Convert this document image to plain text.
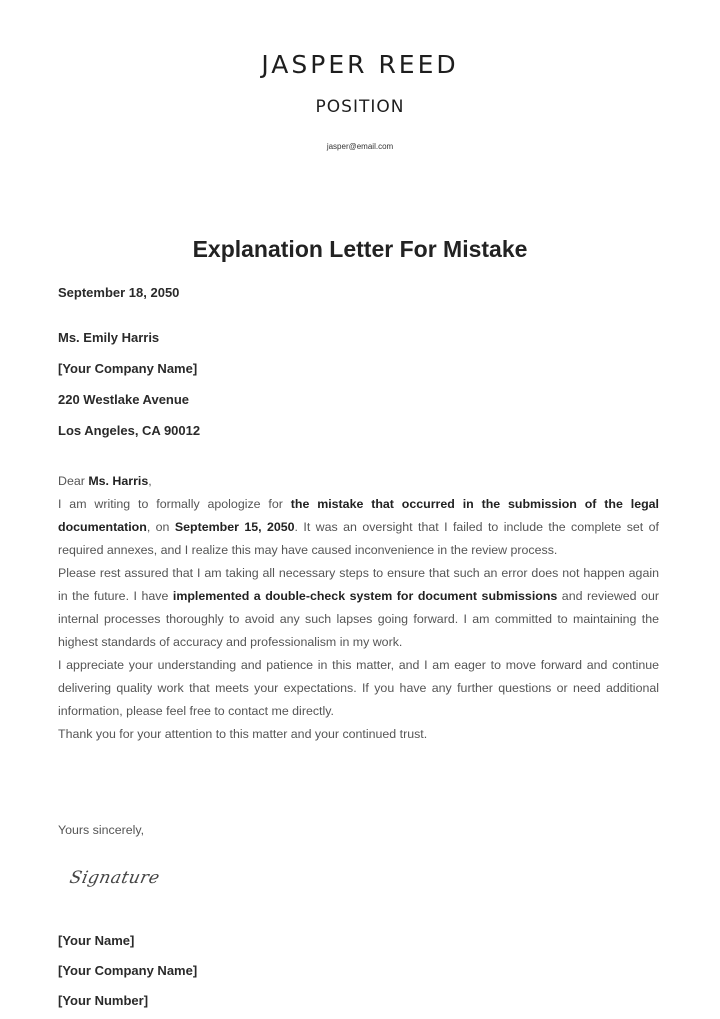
JASPER REED
POSITION
jasper@email.com
Explanation Letter For Mistake
September 18, 2050
Ms. Emily Harris
[Your Company Name]
220 Westlake Avenue
Los Angeles, CA 90012
Dear Ms. Harris,

I am writing to formally apologize for the mistake that occurred in the submission of the legal documentation, on September 15, 2050. It was an oversight that I failed to include the complete set of required annexes, and I realize this may have caused inconvenience in the review process.

Please rest assured that I am taking all necessary steps to ensure that such an error does not happen again in the future. I have implemented a double-check system for document submissions and reviewed our internal processes thoroughly to avoid any such lapses going forward. I am committed to maintaining the highest standards of accuracy and professionalism in my work.

I appreciate your understanding and patience in this matter, and I am eager to move forward and continue delivering quality work that meets your expectations. If you have any further questions or need additional information, please feel free to contact me directly.

Thank you for your attention to this matter and your continued trust.

Yours sincerely,
Signature
[Your Name]
[Your Company Name]
[Your Number]
